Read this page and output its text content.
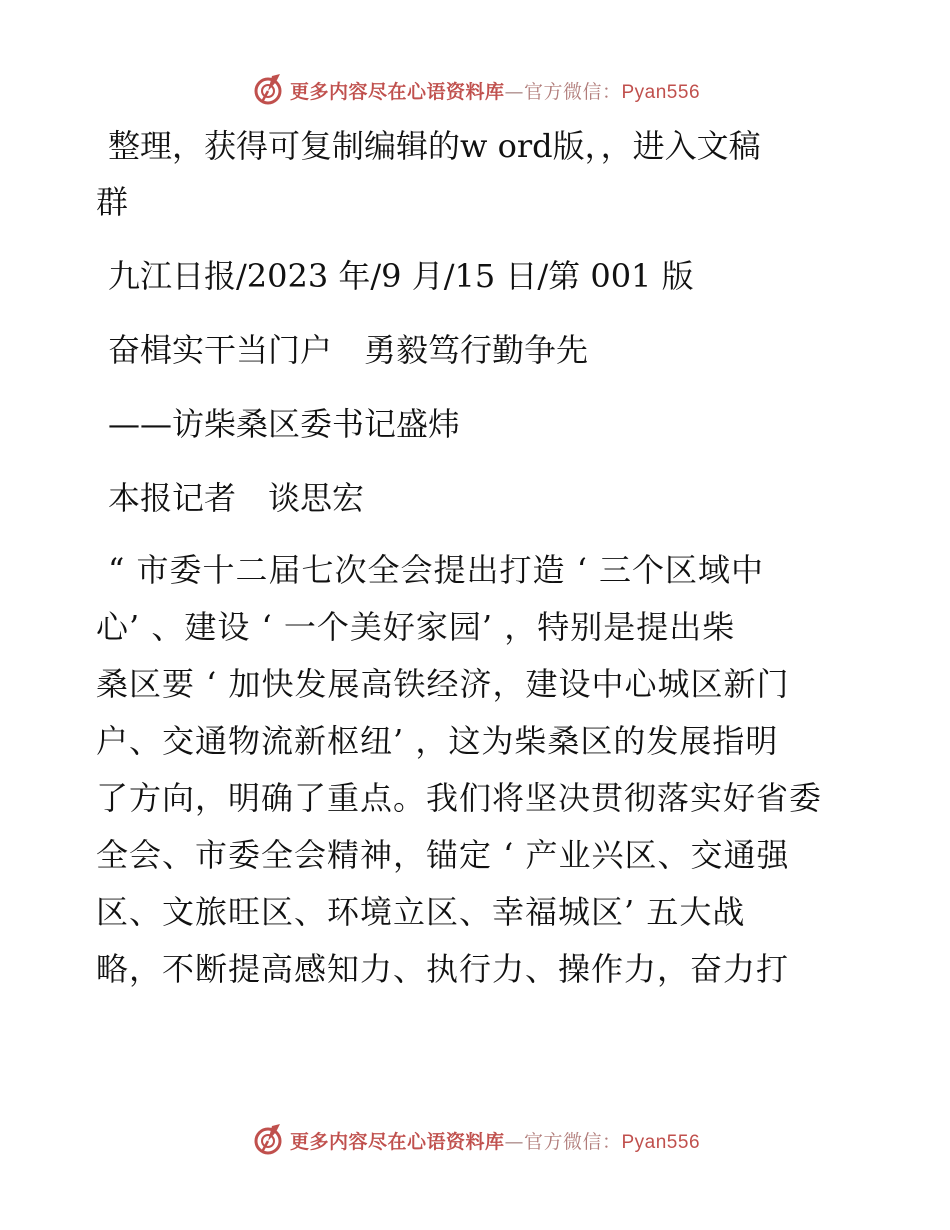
更多内容尽在心语资料库—官方微信：Pyan556

整理，获得可复制编辑的w ord版，，进入文稿

群

九江日报/2023 年/9 月/15 日/第 001 版

奋楫实干当门户　勇毅笃行勤争先

——访柴桑区委书记盛炜

本报记者　谈思宏

“ 市委十二届七次全会提出打造 ‘ 三个区域中
心’ 、建设 ‘ 一个美好家园’ ，特别是提出柴
桑区要 ‘ 加快发展高铁经济，建设中心城区新门
户、交通物流新枢纽’ ，这为柴桑区的发展指明
了方向，明确了重点。我们将坚决贯彻落实好省委
全会、市委全会精神，锚定 ‘ 产业兴区、交通强
区、文旅旺区、环境立区、幸福城区’ 五大战
略，不断提高感知力、执行力、操作力，奋力打
更多内容尽在心语资料库—官方微信：Pyan556
